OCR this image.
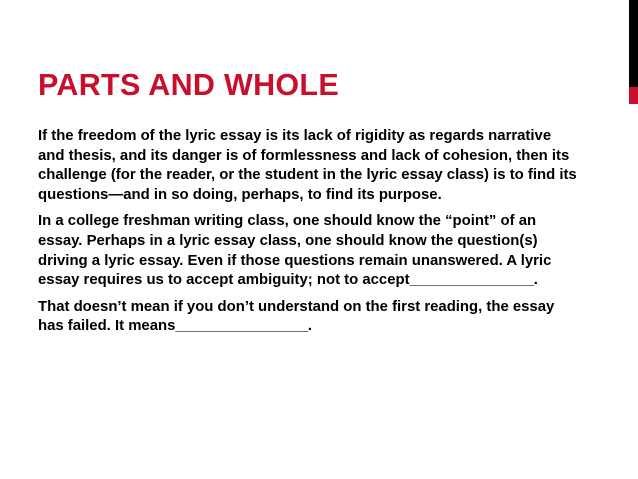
PARTS AND WHOLE

If the freedom of the lyric essay is its lack of rigidity as regards narrative and thesis, and its danger is of formlessness and lack of cohesion, then its challenge (for the reader, or the student in the lyric essay class) is to find its questions—and in so doing, perhaps, to find its purpose.

In a college freshman writing class, one should know the “point” of an essay. Perhaps in a lyric essay class, one should know the question(s) driving a lyric essay. Even if those questions remain unanswered. A lyric essay requires us to accept ambiguity; not to accept_______________.

That doesn’t mean if you don’t understand on the first reading, the essay has failed. It means________________.
